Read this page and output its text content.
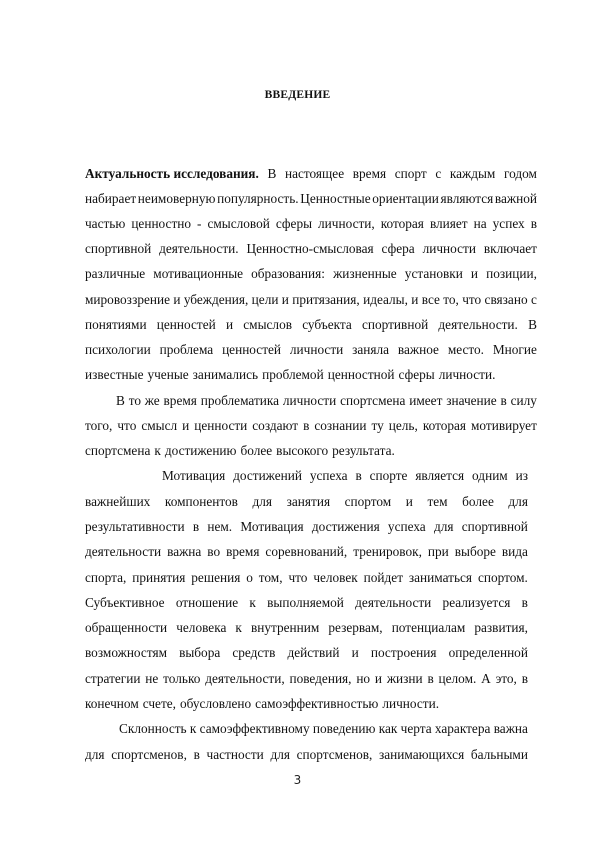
ВВЕДЕНИЕ
Актуальность исследования. В настоящее время спорт с каждым годом
набирает неимоверную популярность. Ценностные ориентации являются важной
частью ценностно - смысловой сферы личности, которая влияет на успех в
спортивной деятельности. Ценностно-смысловая сфера личности включает
различные мотивационные образования: жизненные установки и позиции,
мировоззрение и убеждения, цели и притязания, идеалы, и все то, что связано с
понятиями ценностей и смыслов субъекта спортивной деятельности. В
психологии проблема ценностей личности заняла важное место. Многие
известные ученые занимались проблемой ценностной сферы личности.
В то же время проблематика личности спортсмена имеет значение в силу
того, что смысл и ценности создают в сознании ту цель, которая мотивирует
спортсмена к достижению более высокого результата.
Мотивация достижений успеха в спорте является одним из
важнейших компонентов для занятия спортом и тем более для
результативности в нем. Мотивация достижения успеха для спортивной
деятельности важна во время соревнований, тренировок, при выборе вида
спорта, принятия решения о том, что человек пойдет заниматься спортом.
Субъективное отношение к выполняемой деятельности реализуется в
обращенности человека к внутренним резервам, потенциалам развития,
возможностям выбора средств действий и построения определенной
стратегии не только деятельности, поведения, но и жизни в целом. А это, в
конечном счете, обусловлено самоэффективностью личности.
Склонность к самоэффективному поведению как черта характера важна
для спортсменов, в частности для спортсменов, занимающихся бальными
3
